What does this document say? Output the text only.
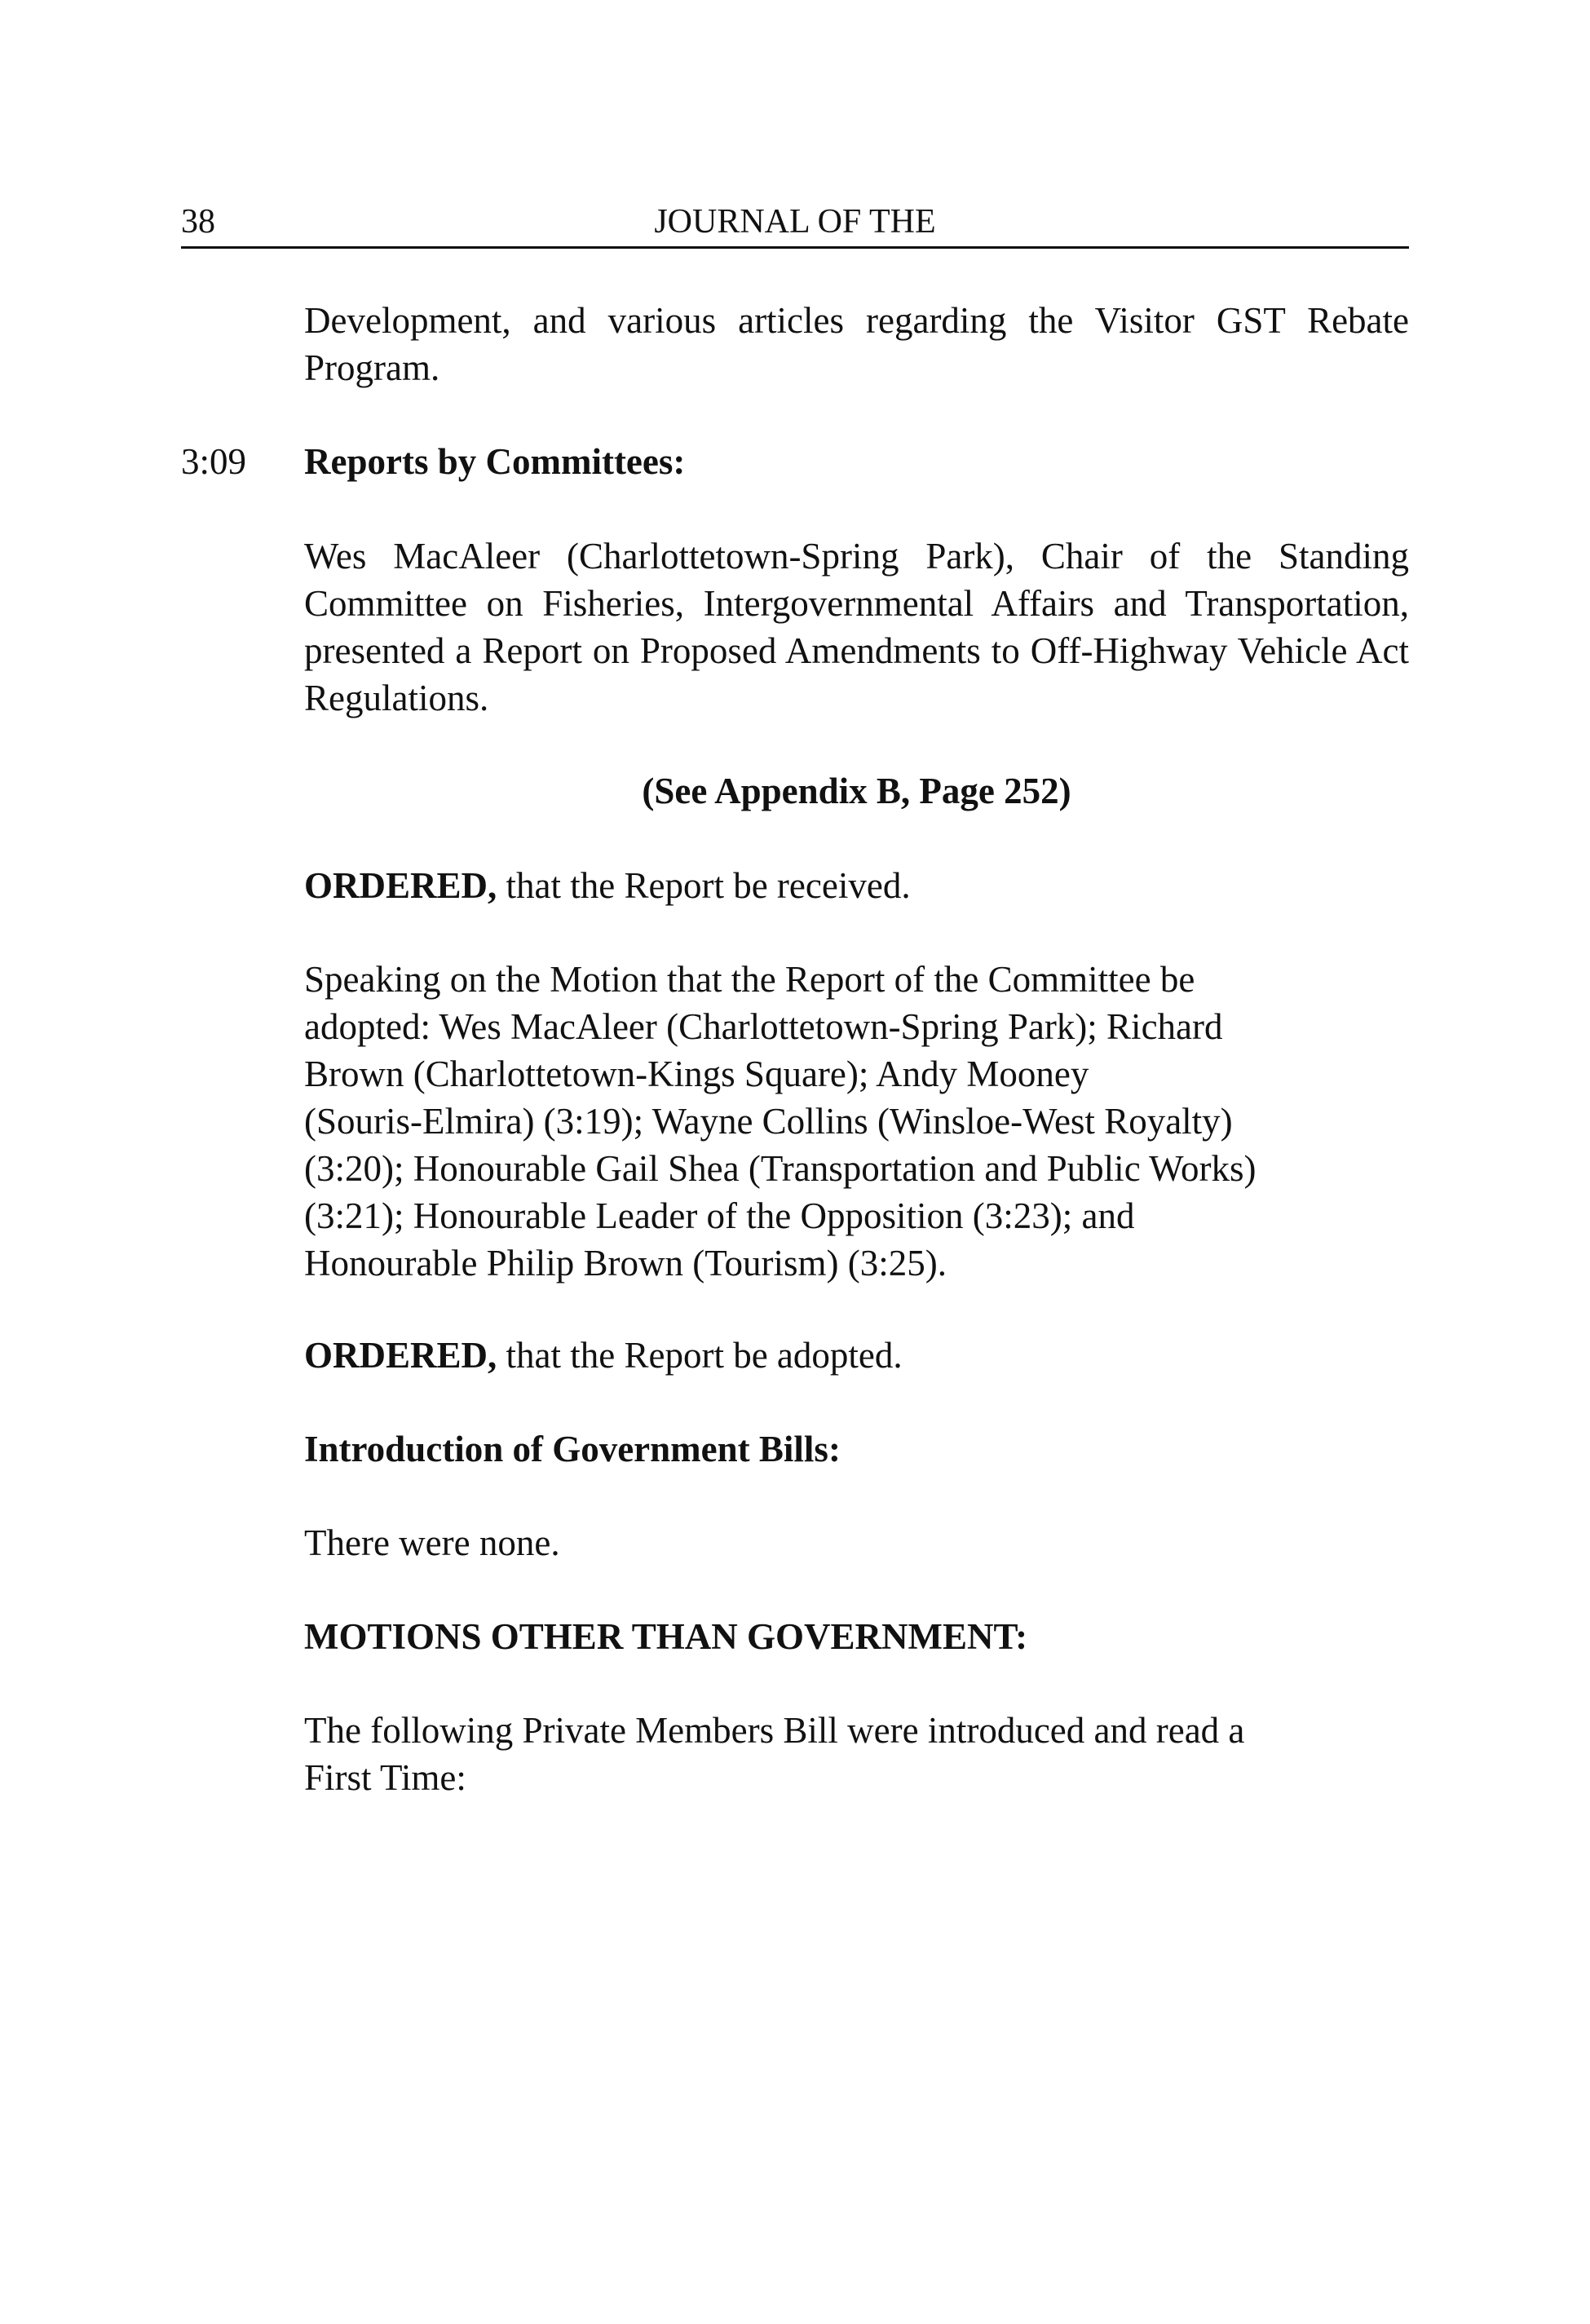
38	JOURNAL OF THE

Development, and various articles regarding the Visitor GST Rebate Program.

3:09 Reports by Committees:

Wes MacAleer (Charlottetown-Spring Park), Chair of the Standing Committee on Fisheries, Intergovernmental Affairs and Transportation, presented a Report on Proposed Amendments to Off-Highway Vehicle Act Regulations.

(See Appendix B, Page 252)
ORDERED, that the Report be received.
Speaking on the Motion that the Report of the Committee be
adopted: Wes MacAleer (Charlottetown-Spring Park); Richard
Brown (Charlottetown-Kings Square); Andy Mooney
(Souris-Elmira) (3:19); Wayne Collins (Winsloe-West Royalty)
(3:20); Honourable Gail Shea (Transportation and Public Works)
(3:21); Honourable Leader of the Opposition (3:23); and
Honourable Philip Brown (Tourism) (3:25).
ORDERED, that the Report be adopted.
Introduction of Government Bills:
There were none.
MOTIONS OTHER THAN GOVERNMENT:
The following Private Members Bill were introduced and read a
First Time:
